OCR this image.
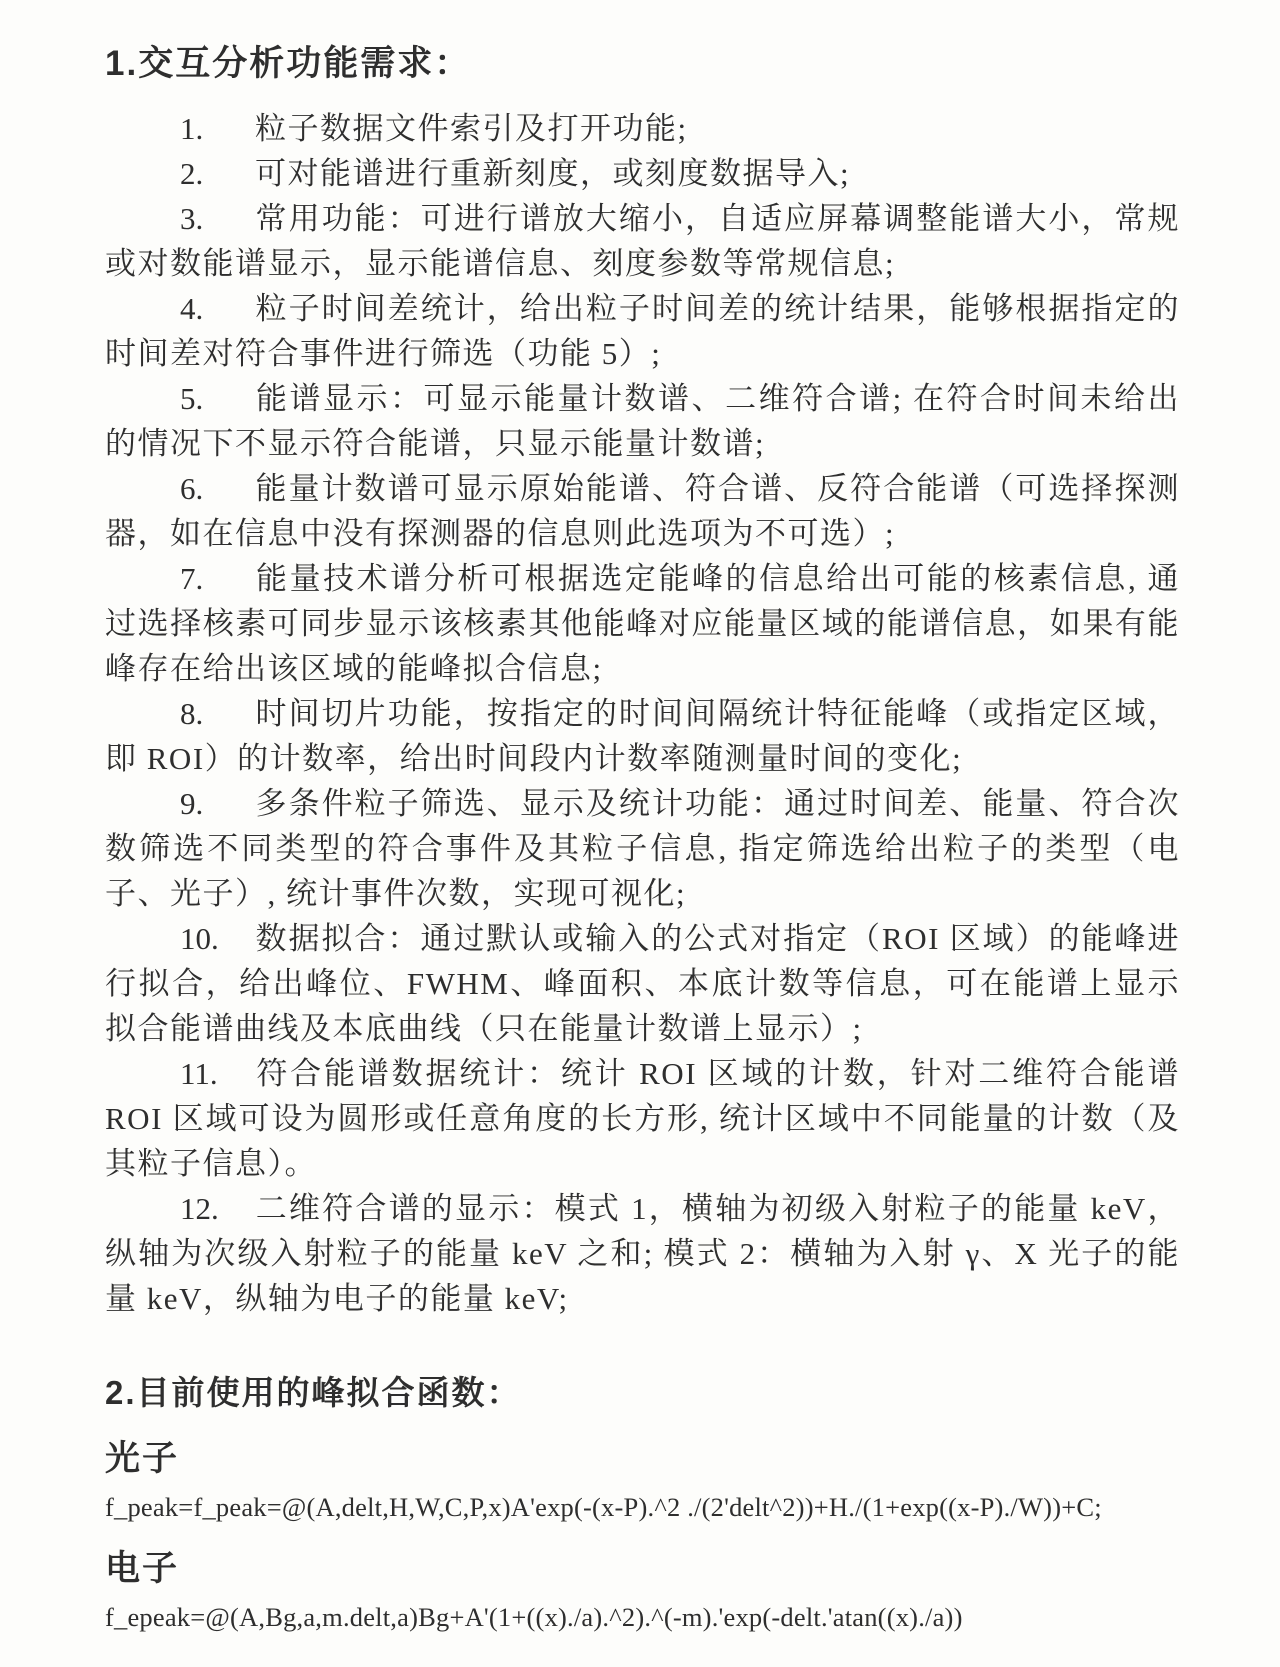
1.交互分析功能需求：

1. 粒子数据文件索引及打开功能;

2. 可对能谱进行重新刻度，或刻度数据导入;

3. 常用功能：可进行谱放大缩小，自适应屏幕调整能谱大小，常规或对数能谱显示，显示能谱信息、刻度参数等常规信息;

4. 粒子时间差统计，给出粒子时间差的统计结果，能够根据指定的时间差对符合事件进行筛选（功能 5）;

5. 能谱显示：可显示能量计数谱、二维符合谱; 在符合时间未给出的情况下不显示符合能谱，只显示能量计数谱;

6. 能量计数谱可显示原始能谱、符合谱、反符合能谱（可选择探测器，如在信息中没有探测器的信息则此选项为不可选）;

7. 能量技术谱分析可根据选定能峰的信息给出可能的核素信息, 通过选择核素可同步显示该核素其他能峰对应能量区域的能谱信息，如果有能峰存在给出该区域的能峰拟合信息;

8. 时间切片功能，按指定的时间间隔统计特征能峰（或指定区域，即 ROI）的计数率，给出时间段内计数率随测量时间的变化;

9. 多条件粒子筛选、显示及统计功能：通过时间差、能量、符合次数筛选不同类型的符合事件及其粒子信息, 指定筛选给出粒子的类型（电子、光子）, 统计事件次数，实现可视化;

10. 数据拟合：通过默认或输入的公式对指定（ROI 区域）的能峰进行拟合，给出峰位、FWHM、峰面积、本底计数等信息，可在能谱上显示拟合能谱曲线及本底曲线（只在能量计数谱上显示）;

11. 符合能谱数据统计：统计 ROI 区域的计数，针对二维符合能谱 ROI 区域可设为圆形或任意角度的长方形, 统计区域中不同能量的计数（及其粒子信息）。

12. 二维符合谱的显示：模式 1，横轴为初级入射粒子的能量 keV，纵轴为次级入射粒子的能量 keV 之和; 模式 2：横轴为入射 γ、X 光子的能量 keV，纵轴为电子的能量 keV;

2.目前使用的峰拟合函数：
光子
f_peak=f_peak=@(A,delt,H,W,C,P,x)A'exp(-(x-P).^2 ./(2'delt^2))+H./(1+exp((x-P)./W))+C;
电子
f_epeak=@(A,Bg,a,m.delt,a)Bg+A'(1+((x)./a).^2).^(-m).'exp(-delt.'atan((x)./a))
